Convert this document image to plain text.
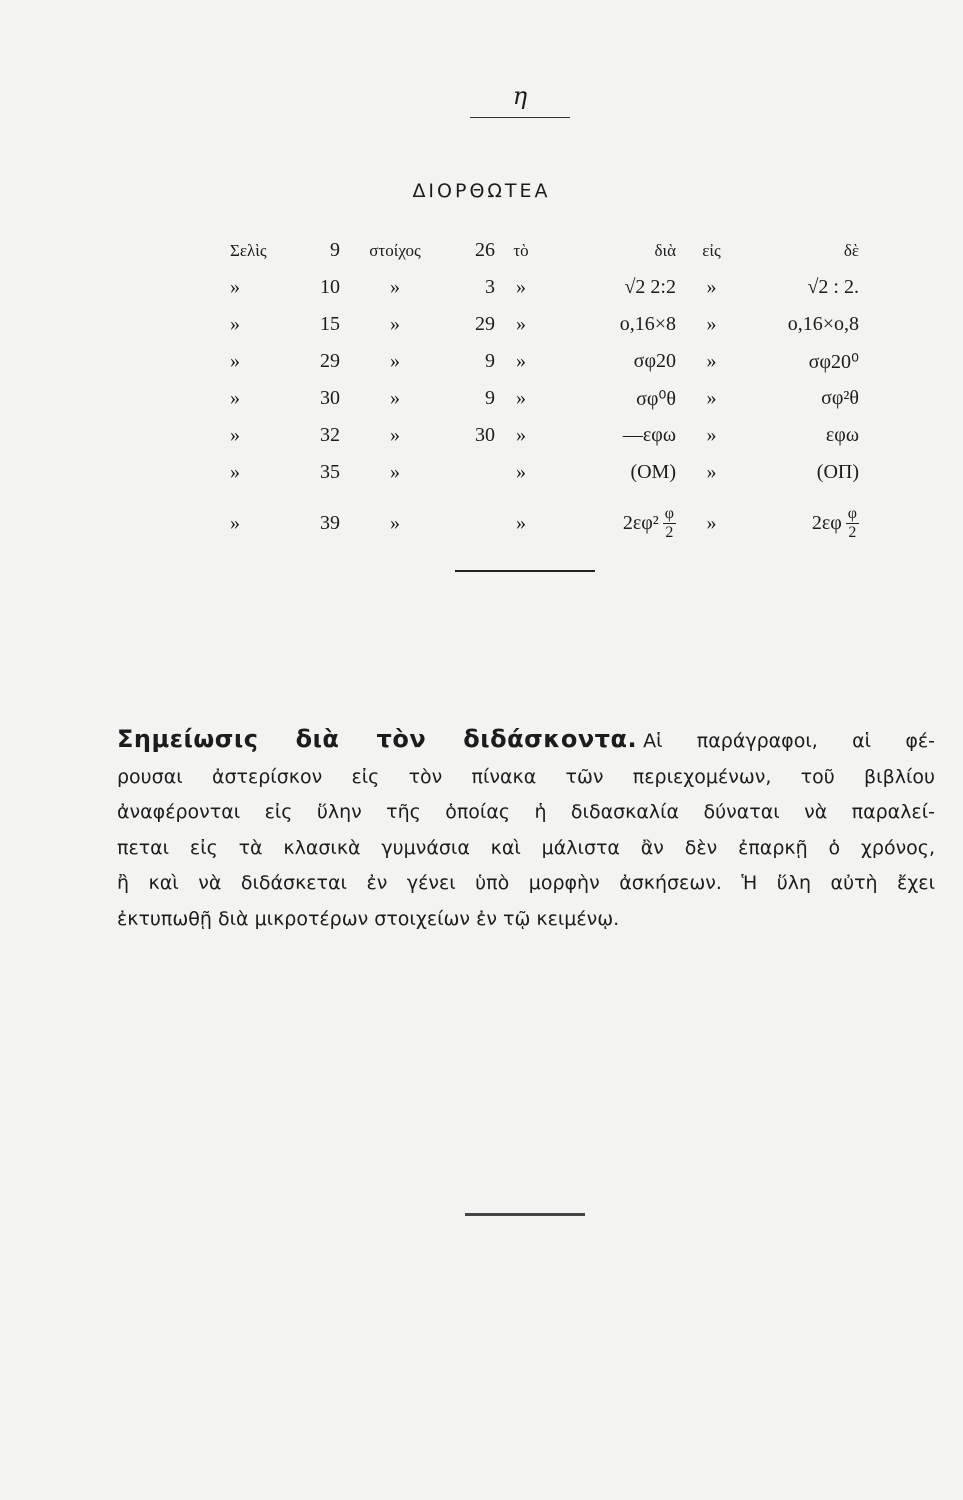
η
ΔΙΟΡΘΩΤΕΑ
Σελὶς	9	στοίχος	26	τὸ	διὰ	εἰς	δὲ
»	10	»	3	»	√2 2:2	»	√2 : 2.
»	15	»	29	»	ο,16×8	»	ο,16×ο,8
»	29	»	9	»	σφ20	»	σφ20⁰
»	30	»	9	»	σφ⁰θ	»	σφ²θ
»	32	»	30	»	—εφω	»	εφω
»	35	»		»	(ΟΜ)	»	(ΟΠ)
»	39	»		»	$2\varepsilon\varphi^2 \frac{\varphi}{2}$	»	$2\varepsilon\varphi \frac{\varphi}{2}$
Σημείωσις διὰ τὸν διδάσκοντα. Αἱ παράγραφοι, αἱ φέ-
ρουσαι ἀστερίσκον εἰς τὸν πίνακα τῶν περιεχομένων, τοῦ βιβλίου
ἀναφέρονται εἰς ὕλην τῆς ὁποίας ἡ διδασκαλία δύναται νὰ παραλεί-
πεται εἰς τὰ κλασικὰ γυμνάσια καὶ μάλιστα ἂν δὲν ἐπαρκῇ ὁ χρόνος,
ἢ καὶ νὰ διδάσκεται ἐν γένει ὑπὸ μορφὴν ἀσκήσεων. Ἡ ὕλη αὐτὴ ἔχει
ἐκτυπωθῇ διὰ μικροτέρων στοιχείων ἐν τῷ κειμένῳ.
